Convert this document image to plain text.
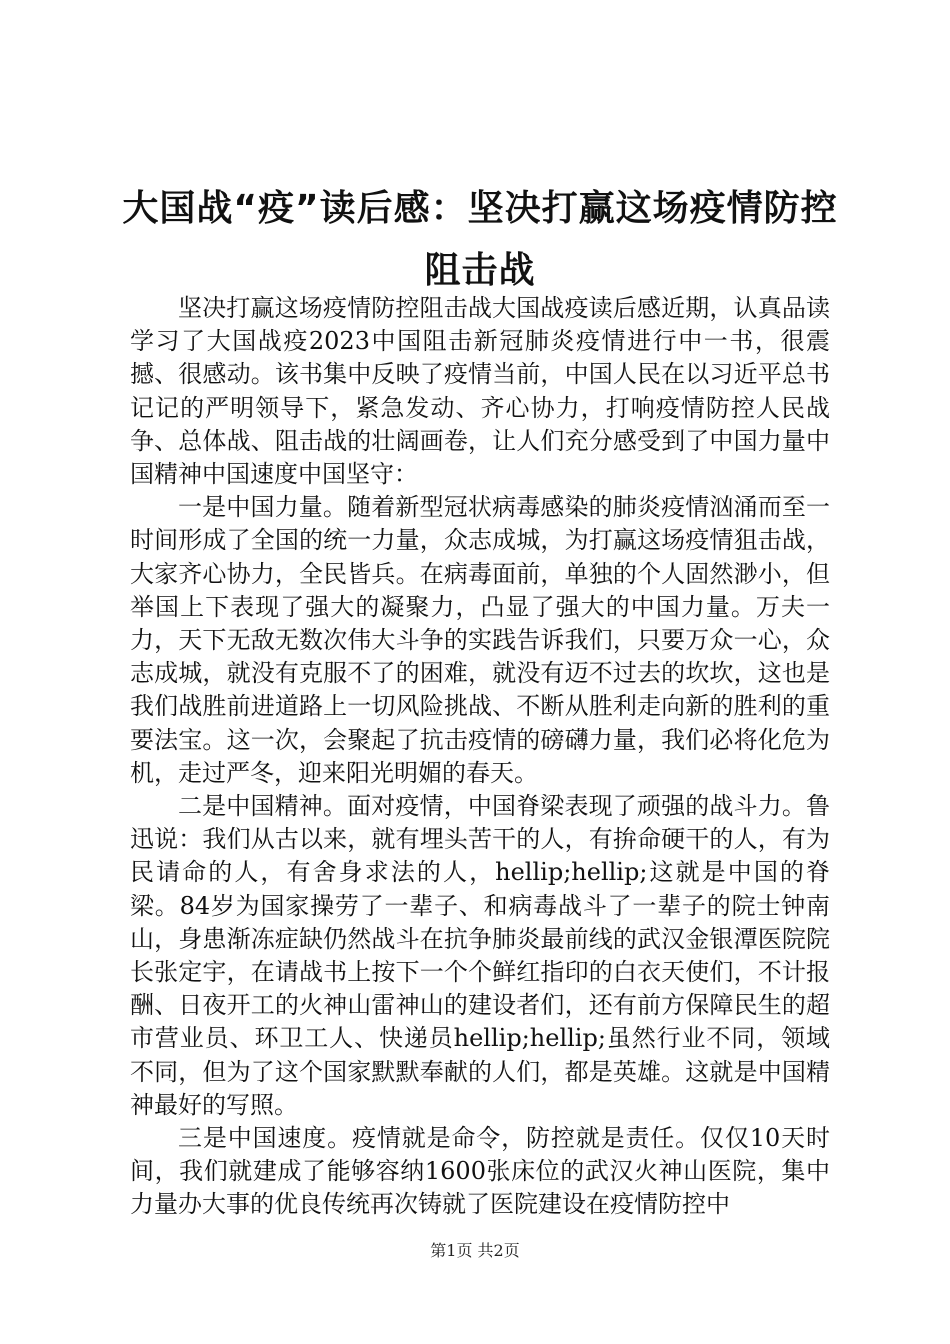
大国战“疫”读后感：坚决打赢这场疫情防控阻击战

坚决打赢这场疫情防控阻击战大国战疫读后感近期，认真品读学习了大国战疫2023中国阻击新冠肺炎疫情进行中一书，很震撼、很感动。该书集中反映了疫情当前，中国人民在以习近平总书记记的严明领导下，紧急发动、齐心协力，打响疫情防控人民战争、总体战、阻击战的壮阔画卷，让人们充分感受到了中国力量中国精神中国速度中国坚守：

一是中国力量。随着新型冠状病毒感染的肺炎疫情汹涌而至一时间形成了全国的统一力量，众志成城，为打赢这场疫情狙击战，大家齐心协力，全民皆兵。在病毒面前，单独的个人固然渺小，但举国上下表现了强大的凝聚力，凸显了强大的中国力量。万夫一力，天下无敌无数次伟大斗争的实践告诉我们，只要万众一心，众志成城，就没有克服不了的困难，就没有迈不过去的坎坎，这也是我们战胜前进道路上一切风险挑战、不断从胜利走向新的胜利的重要法宝。这一次，会聚起了抗击疫情的磅礴力量，我们必将化危为机，走过严冬，迎来阳光明媚的春天。

二是中国精神。面对疫情，中国脊梁表现了顽强的战斗力。鲁迅说：我们从古以来，就有埋头苦干的人，有拚命硬干的人，有为民请命的人，有舍身求法的人，hellip;hellip;这就是中国的脊梁。84岁为国家操劳了一辈子、和病毒战斗了一辈子的院士钟南山，身患渐冻症缺仍然战斗在抗争肺炎最前线的武汉金银潭医院院长张定宇，在请战书上按下一个个鲜红指印的白衣天使们，不计报酬、日夜开工的火神山雷神山的建设者们，还有前方保障民生的超市营业员、环卫工人、快递员hellip;hellip;虽然行业不同，领域不同，但为了这个国家默默奉献的人们，都是英雄。这就是中国精神最好的写照。

三是中国速度。疫情就是命令，防控就是责任。仅仅10天时间，我们就建成了能够容纳1600张床位的武汉火神山医院，集中力量办大事的优良传统再次铸就了医院建设在疫情防控中

第1页 共2页
